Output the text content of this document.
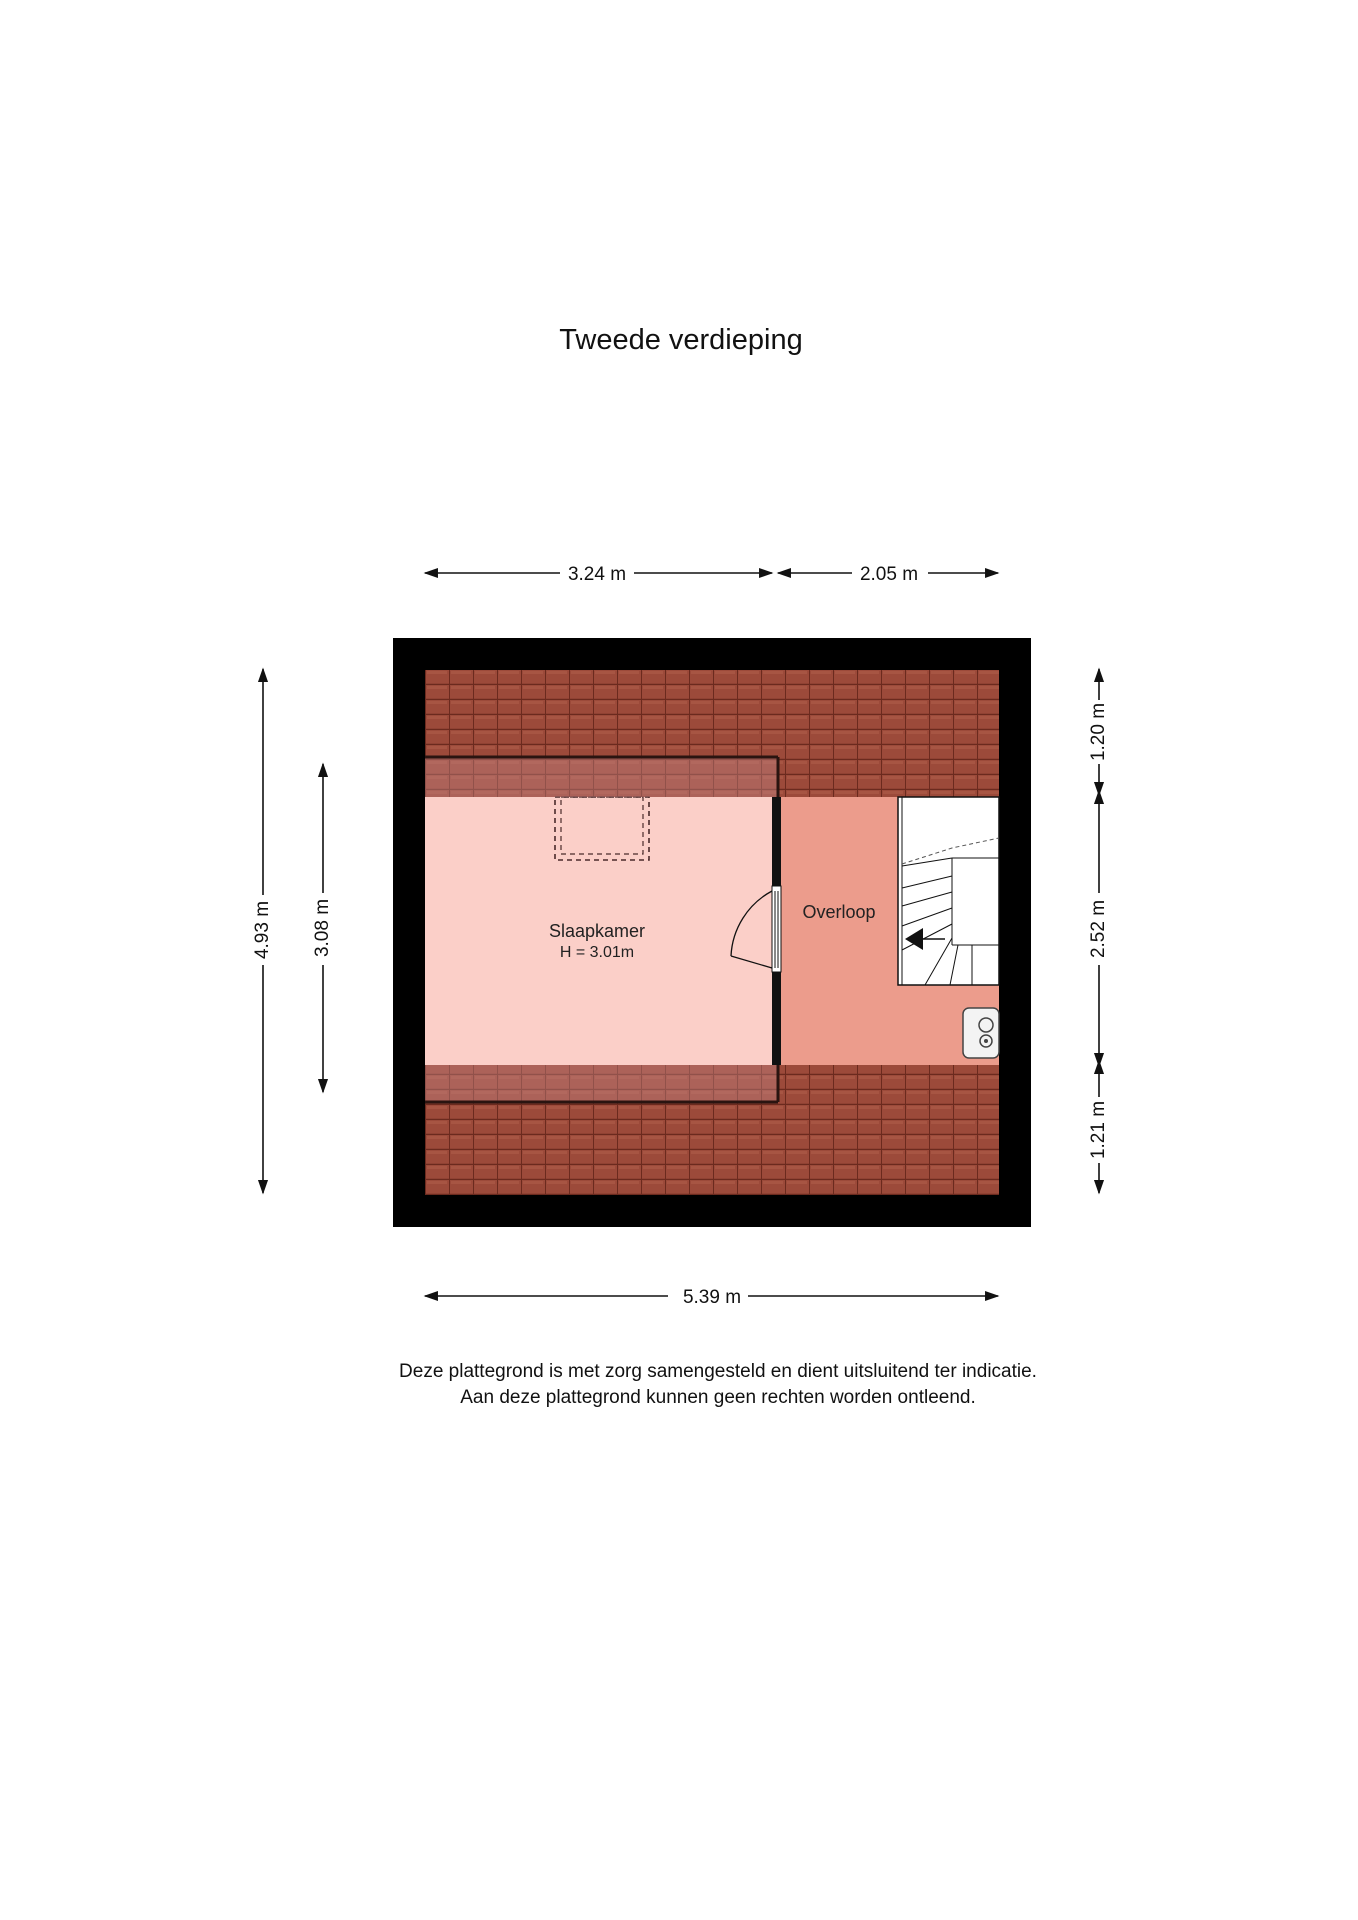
Tweede verdieping
3.24 m	2.05 m
4.93 m 3.08 m
1.20 m
2.52 m
1.21 m
5.39 m
Slaapkamer
H = 3.01m
Overloop
Deze plattegrond is met zorg samengesteld en dient uitsluitend ter indicatie.
Aan deze plattegrond kunnen geen rechten worden ontleend.
